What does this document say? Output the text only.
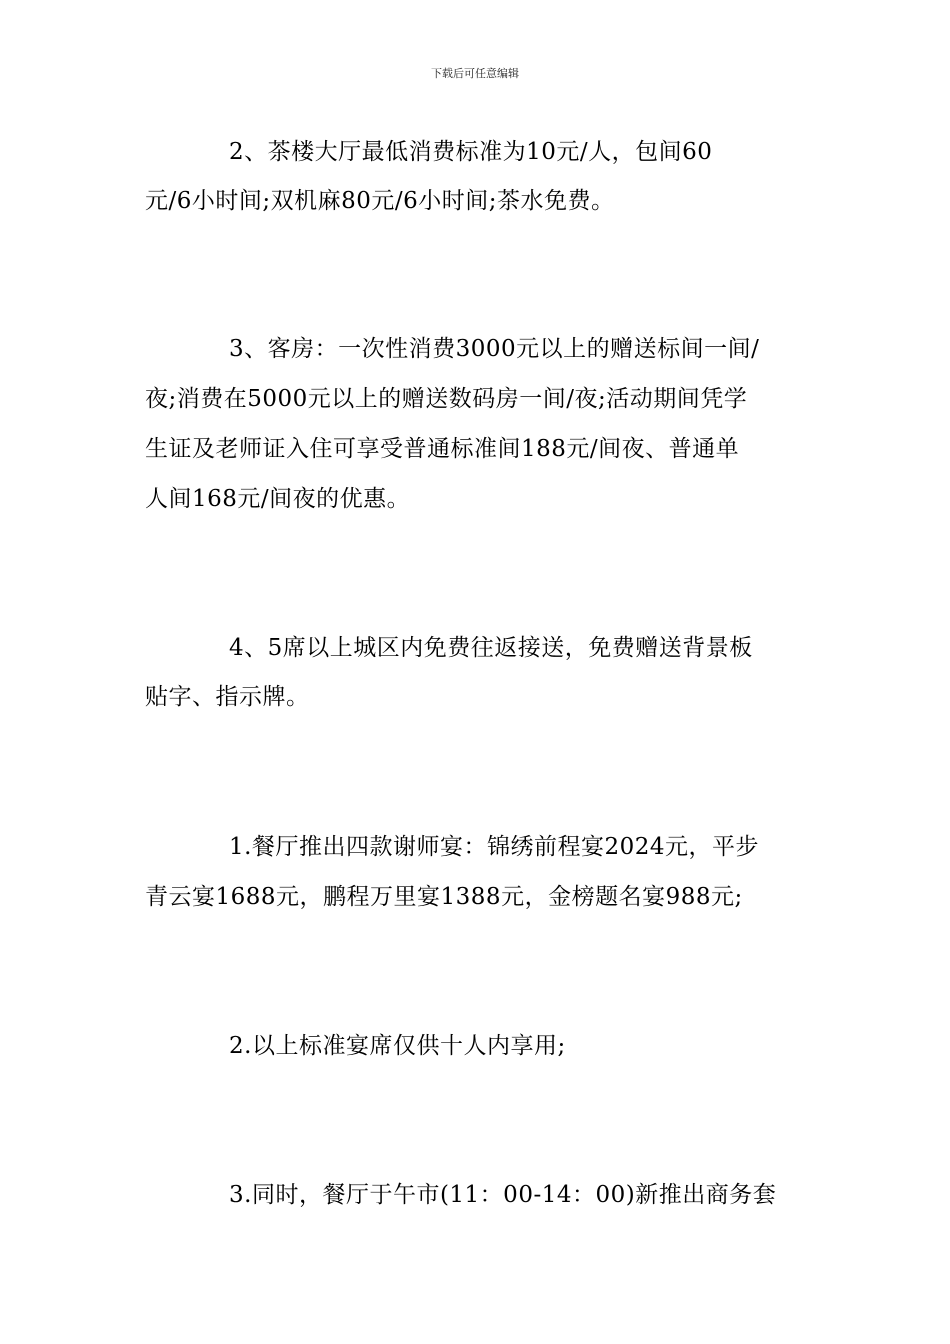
下载后可任意编辑
2、茶楼大厅最低消费标准为10元/人，包间60
元/6小时间;双机麻80元/6小时间;茶水免费。
3、客房：一次性消费3000元以上的赠送标间一间/
夜;消费在5000元以上的赠送数码房一间/夜;活动期间凭学
生证及老师证入住可享受普通标准间188元/间夜、普通单
人间168元/间夜的优惠。
4、5席以上城区内免费往返接送，免费赠送背景板
贴字、指示牌。
1.餐厅推出四款谢师宴：锦绣前程宴2024元，平步
青云宴1688元，鹏程万里宴1388元，金榜题名宴988元;
2.以上标准宴席仅供十人内享用;
3.同时，餐厅于午市(11：00-14：00)新推出商务套
